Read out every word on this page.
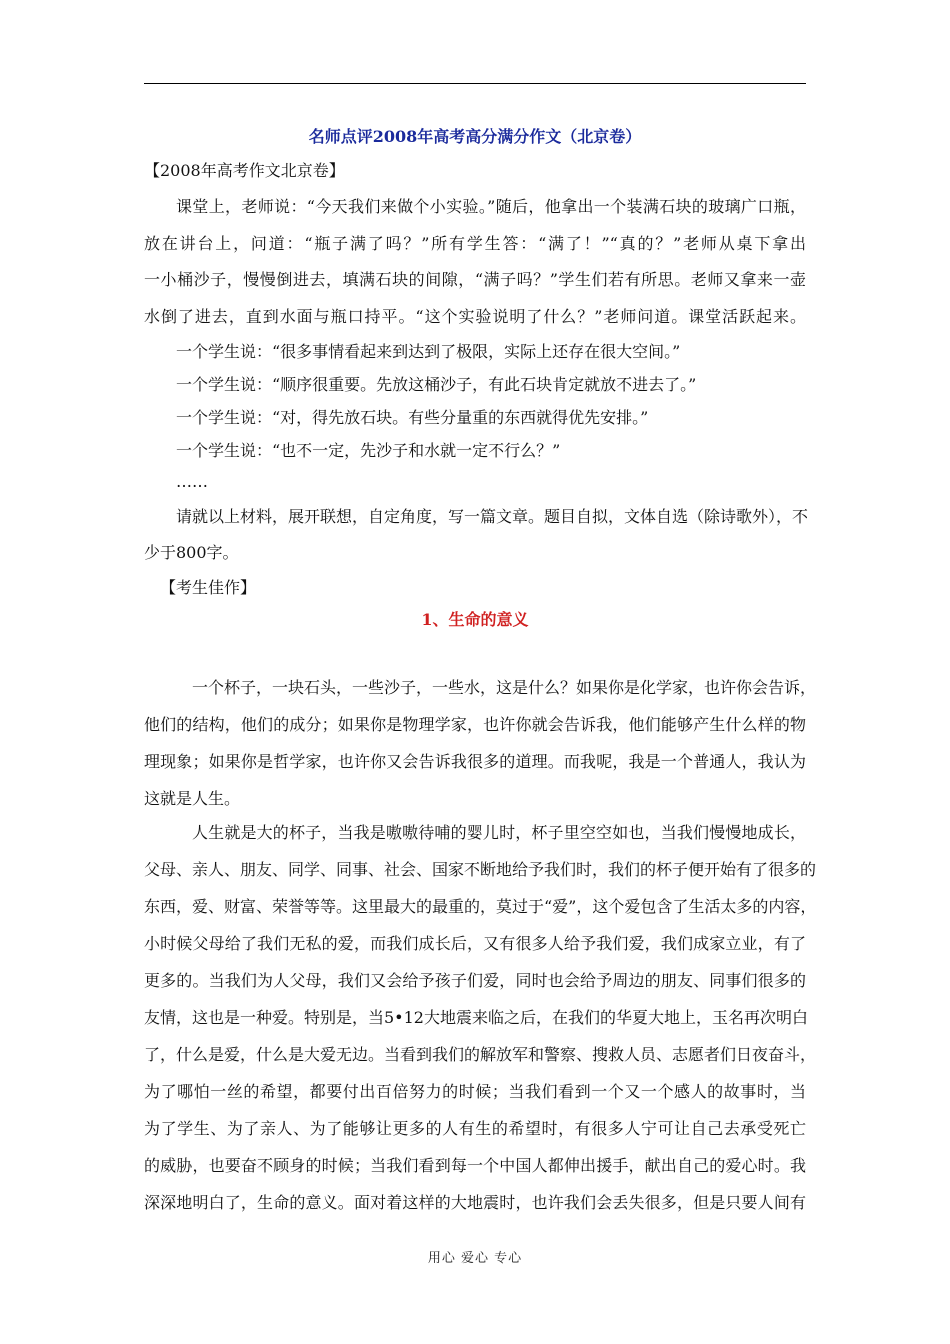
名师点评2008年高考高分满分作文（北京卷）
【2008年高考作文北京卷】
课堂上，老师说：“今天我们来做个小实验。”随后，他拿出一个装满石块的玻璃广口瓶，
放在讲台上，问道：“瓶子满了吗？”所有学生答：“满了！”“真的？”老师从桌下拿出
一小桶沙子，慢慢倒进去，填满石块的间隙，“满子吗？”学生们若有所思。老师又拿来一壶
水倒了进去，直到水面与瓶口持平。“这个实验说明了什么？”老师问道。课堂活跃起来。
一个学生说：“很多事情看起来到达到了极限，实际上还存在很大空间。”
一个学生说：“顺序很重要。先放这桶沙子，有此石块肯定就放不进去了。”
一个学生说：“对，得先放石块。有些分量重的东西就得优先安排。”
一个学生说：“也不一定，先沙子和水就一定不行么？”
……
请就以上材料，展开联想，自定角度，写一篇文章。题目自拟，文体自选（除诗歌外），不
少于800字。
【考生佳作】
1、生命的意义
一个杯子，一块石头，一些沙子，一些水，这是什么？如果你是化学家，也许你会告诉，
他们的结构，他们的成分；如果你是物理学家，也许你就会告诉我，他们能够产生什么样的物
理现象；如果你是哲学家，也许你又会告诉我很多的道理。而我呢，我是一个普通人，我认为
这就是人生。
人生就是大的杯子，当我是嗷嗷待哺的婴儿时，杯子里空空如也，当我们慢慢地成长，
父母、亲人、朋友、同学、同事、社会、国家不断地给予我们时，我们的杯子便开始有了很多的
东西，爱、财富、荣誉等等。这里最大的最重的，莫过于“爱”，这个爱包含了生活太多的内容，
小时候父母给了我们无私的爱，而我们成长后，又有很多人给予我们爱，我们成家立业，有了
更多的。当我们为人父母，我们又会给予孩子们爱，同时也会给予周边的朋友、同事们很多的
友情，这也是一种爱。特别是，当5•12大地震来临之后，在我们的华夏大地上，玉名再次明白
了，什么是爱，什么是大爱无边。当看到我们的解放军和警察、搜救人员、志愿者们日夜奋斗，
为了哪怕一丝的希望，都要付出百倍努力的时候；当我们看到一个又一个感人的故事时，当
为了学生、为了亲人、为了能够让更多的人有生的希望时，有很多人宁可让自己去承受死亡
的威胁，也要奋不顾身的时候；当我们看到每一个中国人都伸出援手，献出自己的爱心时。我
深深地明白了，生命的意义。面对着这样的大地震时，也许我们会丢失很多，但是只要人间有
用心 爱心 专心
